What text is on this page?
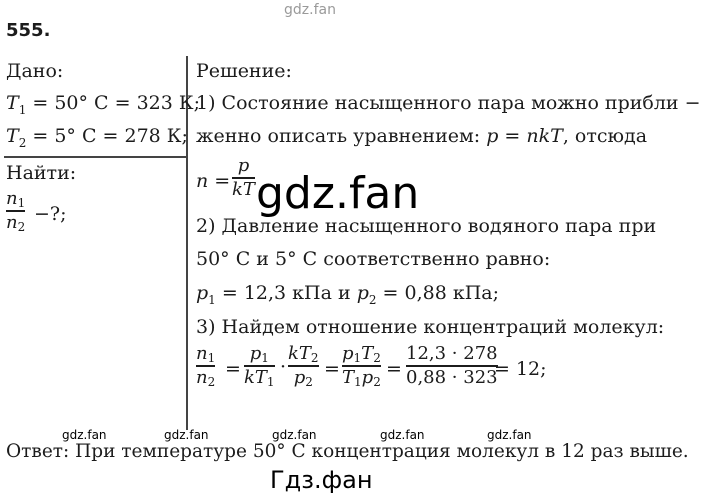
gdz.fan
555.
Дано:
$T_1 = 50^\circ$ C = 323 К;
$T_2 = 5^\circ$ C = 278 К;
Найти:
n1
n2
−?;
Решение:
1) Состояние насыщенного пара можно прибли −
женно описать уравнением: p = nkT, отсюда
n =
p
kT
2) Давление насыщенного водяного пара при
50° C и 5° C соответственно равно:
$p_1 = 12,3$ кПа и $p_2 = 0,88$ кПа;
3) Найдем отношение концентраций молекул:
n1
n2
=
p1
kT1
·
kT2
p2
=
p1T2
T1p2
=
12,3 · 278
0,88 · 323
= 12;
gdz.fan	gdz.fan	gdz.fan	gdz.fan	gdz.fan
Ответ: При температуре 50° C концентрация молекул в 12 раз выше.
gdz.fan
Гдз.фан
